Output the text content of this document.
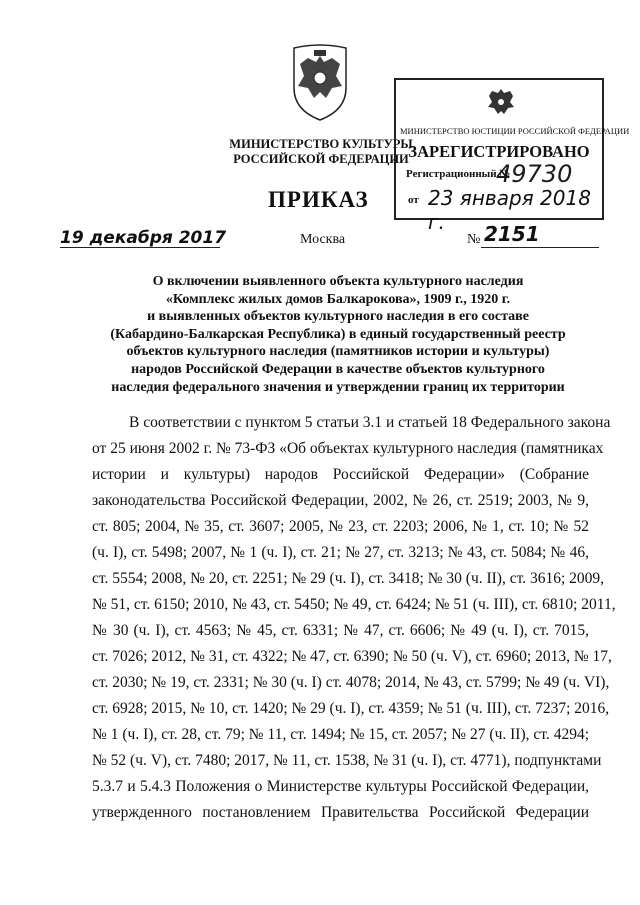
МИНИСТЕРСТВО КУЛЬТУРЫ
РОССИЙСКОЙ ФЕДЕРАЦИИ
ПРИКАЗ
МИНИСТЕРСТВО ЮСТИЦИИ РОССИЙСКОЙ ФЕДЕРАЦИИ
ЗАРЕГИСТРИРОВАНО
Регистрационный №
49730
от 23 января 2018 г.
19 декабря 2017	Москва	№ 2151
О включении выявленного объекта культурного наследия
«Комплекс жилых домов Балкарокова», 1909 г., 1920 г.
и выявленных объектов культурного наследия в его составе
(Кабардино-Балкарская Республика) в единый государственный реестр
объектов культурного наследия (памятников истории и культуры)
народов Российской Федерации в качестве объектов культурного
наследия федерального значения и утверждении границ их территории
В соответствии с пунктом 5 статьи 3.1 и статьей 18 Федерального закона
от 25 июня 2002 г. № 73-ФЗ «Об объектах культурного наследия (памятниках
истории и культуры) народов Российской Федерации» (Собрание
законодательства Российской Федерации, 2002, № 26, ст. 2519; 2003, № 9,
ст. 805; 2004, № 35, ст. 3607; 2005, № 23, ст. 2203; 2006, № 1, ст. 10; № 52
(ч. I), ст. 5498; 2007, № 1 (ч. I), ст. 21; № 27, ст. 3213; № 43, ст. 5084; № 46,
ст. 5554; 2008, № 20, ст. 2251; № 29 (ч. I), ст. 3418; № 30 (ч. II), ст. 3616; 2009,
№ 51, ст. 6150; 2010, № 43, ст. 5450; № 49, ст. 6424; № 51 (ч. III), ст. 6810; 2011,
№ 30 (ч. I), ст. 4563; № 45, ст. 6331; № 47, ст. 6606; № 49 (ч. I), ст. 7015,
ст. 7026; 2012, № 31, ст. 4322; № 47, ст. 6390; № 50 (ч. V), ст. 6960; 2013, № 17,
ст. 2030; № 19, ст. 2331; № 30 (ч. I) ст. 4078; 2014, № 43, ст. 5799; № 49 (ч. VI),
ст. 6928; 2015, № 10, ст. 1420; № 29 (ч. I), ст. 4359; № 51 (ч. III), ст. 7237; 2016,
№ 1 (ч. I), ст. 28, ст. 79; № 11, ст. 1494; № 15, ст. 2057; № 27 (ч. II), ст. 4294;
№ 52 (ч. V), ст. 7480; 2017, № 11, ст. 1538, № 31 (ч. I), ст. 4771), подпунктами
5.3.7 и 5.4.3 Положения о Министерстве культуры Российской Федерации,
утвержденного постановлением Правительства Российской Федерации
